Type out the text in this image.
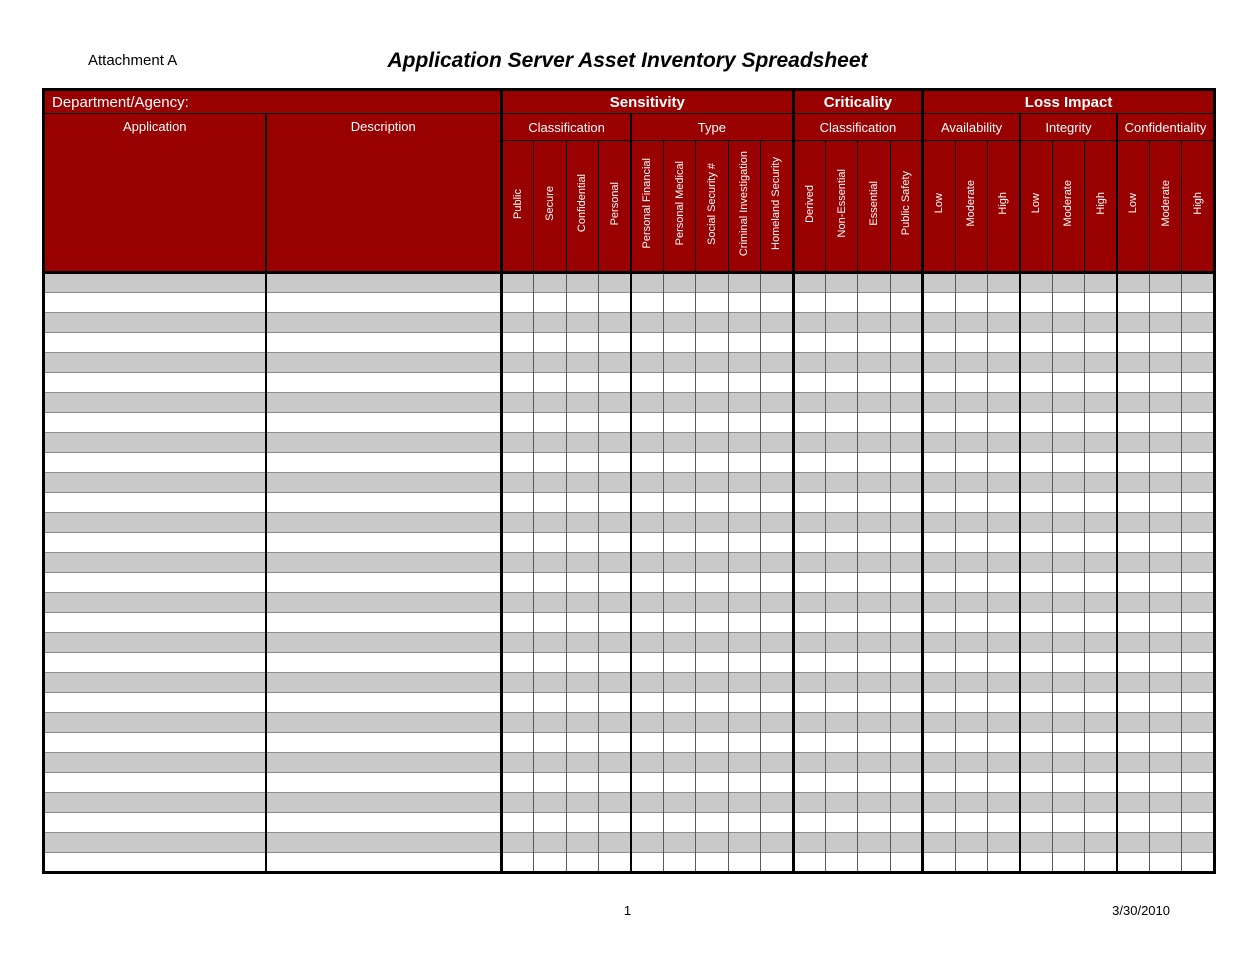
Attachment A	Application Server Asset Inventory Spreadsheet
Department/Agency:		Sensitivity									Criticality				Loss Impact								
Application	Description	Classification				Type					Classification				Availability			Integrity			Confidentiality		
		Public	Secure	Confidential	Personal	Personal Financial	Personal Medical	Social Security #	Criminal Investigation	Homeland Security	Derived	Non-Essential	Essential	Public Safety	Low	Moderate	High	Low	Moderate	High	Low	Moderate	High

1	3/30/2010
